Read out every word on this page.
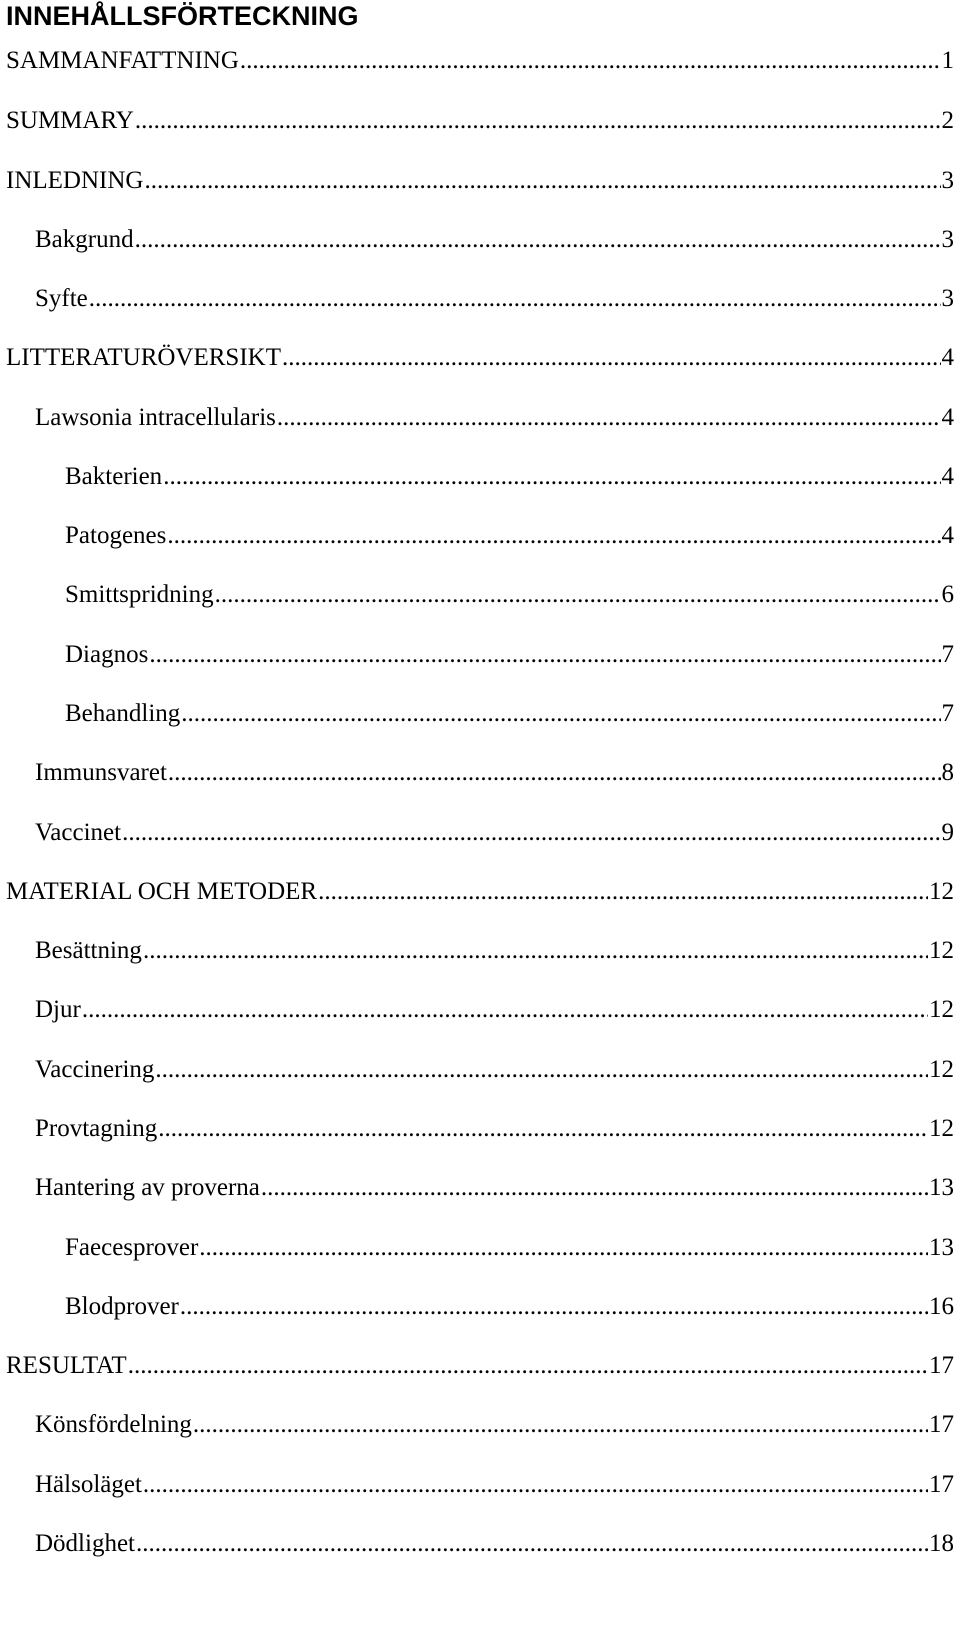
INNEHÅLLSFÖRTECKNING
SAMMANFATTNING .....	1
SUMMARY .....	2
INLEDNING .....	3
Bakgrund .....	3
Syfte .....	3
LITTERATURÖVERSIKT .....	4
Lawsonia intracellularis .....	4
Bakterien .....	4
Patogenes .....	4
Smittspridning .....	6
Diagnos .....	7
Behandling .....	7
Immunsvaret .....	8
Vaccinet .....	9
MATERIAL OCH METODER .....	12
Besättning .....	12
Djur .....	12
Vaccinering .....	12
Provtagning .....	12
Hantering av proverna .....	13
Faecesprover .....	13
Blodprover .....	16
RESULTAT .....	17
Könsfördelning .....	17
Hälsoläget .....	17
Dödlighet .....	18
